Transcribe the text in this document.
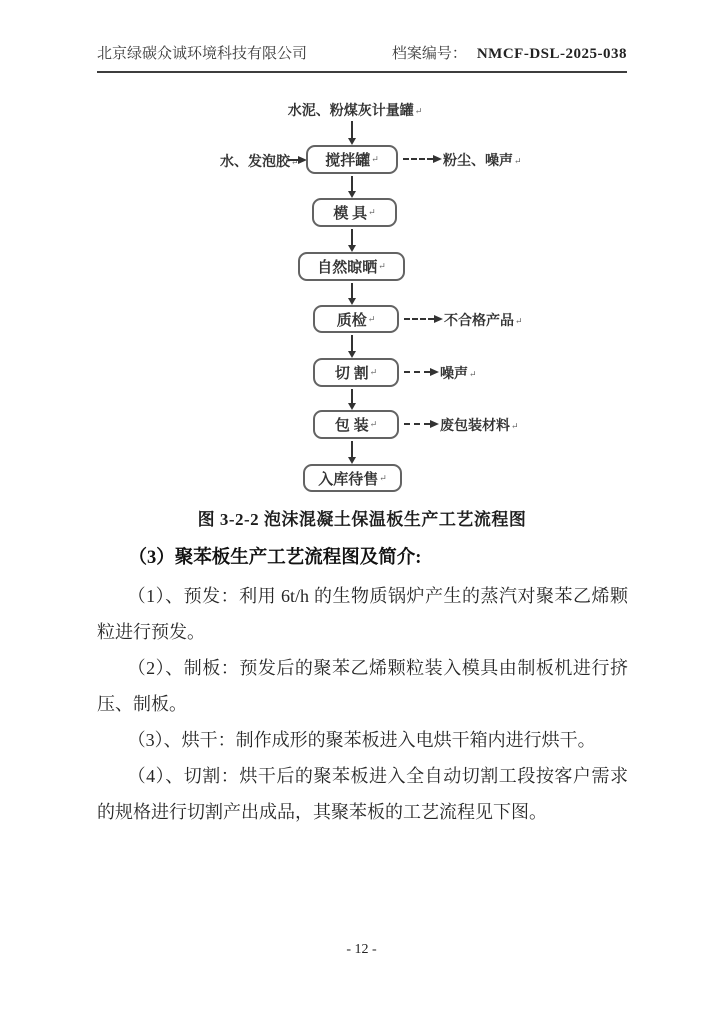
北京绿碳众诚环境科技有限公司	档案编号： NMCF-DSL-2025-038
水泥、粉煤灰计量罐↵
水、发泡胶↵ 搅拌罐 ↵	粉尘、噪声↵
模 具 ↵
自然晾晒 ↵
质检 ↵	不合格产品↵
切 割 ↵	噪声↵
包 装 ↵	废包装材料↵
入库待售 ↵
图 3-2-2 泡沫混凝土保温板生产工艺流程图
（3）聚苯板生产工艺流程图及简介:

（1）、预发：利用 6t/h 的生物质锅炉产生的蒸汽对聚苯乙烯颗粒进行预发。

（2）、制板：预发后的聚苯乙烯颗粒装入模具由制板机进行挤压、制板。

（3）、烘干：制作成形的聚苯板进入电烘干箱内进行烘干。

（4）、切割：烘干后的聚苯板进入全自动切割工段按客户需求的规格进行切割产出成品，其聚苯板的工艺流程见下图。

- 12 -
